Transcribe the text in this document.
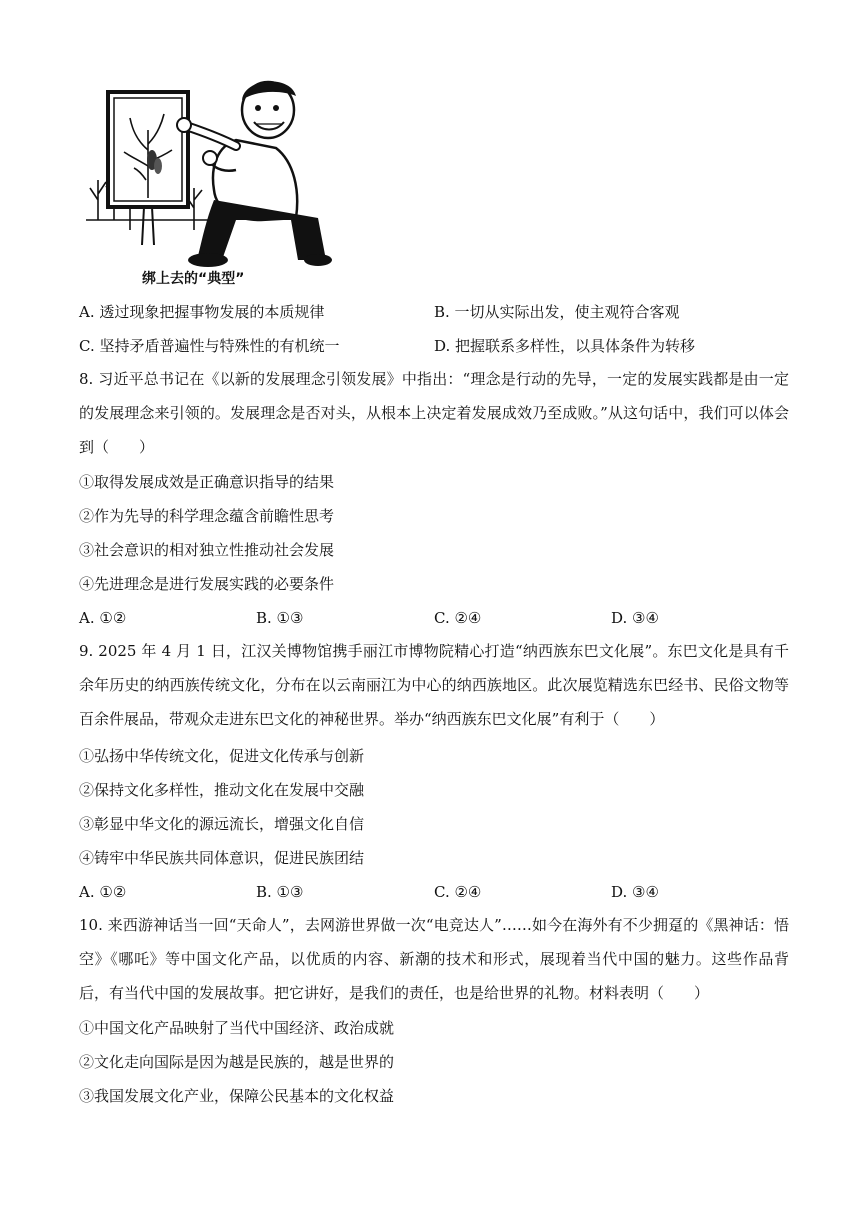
绑上去的“典型”
A. 透过现象把握事物发展的本质规律	B. 一切从实际出发，使主观符合客观
C. 坚持矛盾普遍性与特殊性的有机统一	D. 把握联系多样性，以具体条件为转移
8. 习近平总书记在《以新的发展理念引领发展》中指出：“理念是行动的先导，一定的发展实践都是由一定的发展理念来引领的。发展理念是否对头，从根本上决定着发展成效乃至成败。”从这句话中，我们可以体会到（　　）
①取得发展成效是正确意识指导的结果
②作为先导的科学理念蕴含前瞻性思考
③社会意识的相对独立性推动社会发展
④先进理念是进行发展实践的必要条件
A. ①②	B. ①③	C. ②④	D. ③④
9. 2025 年 4 月 1 日，江汉关博物馆携手丽江市博物院精心打造“纳西族东巴文化展”。东巴文化是具有千余年历史的纳西族传统文化，分布在以云南丽江为中心的纳西族地区。此次展览精选东巴经书、民俗文物等百余件展品，带观众走进东巴文化的神秘世界。举办“纳西族东巴文化展”有利于（　　）
①弘扬中华传统文化，促进文化传承与创新
②保持文化多样性，推动文化在发展中交融
③彰显中华文化的源远流长，增强文化自信
④铸牢中华民族共同体意识，促进民族团结
A. ①②	B. ①③	C. ②④	D. ③④
10. 来西游神话当一回“天命人”，去网游世界做一次“电竞达人”……如今在海外有不少拥趸的《黑神话：悟空》《哪吒》等中国文化产品，以优质的内容、新潮的技术和形式，展现着当代中国的魅力。这些作品背后，有当代中国的发展故事。把它讲好，是我们的责任，也是给世界的礼物。材料表明（　　）
①中国文化产品映射了当代中国经济、政治成就
②文化走向国际是因为越是民族的，越是世界的
③我国发展文化产业，保障公民基本的文化权益
